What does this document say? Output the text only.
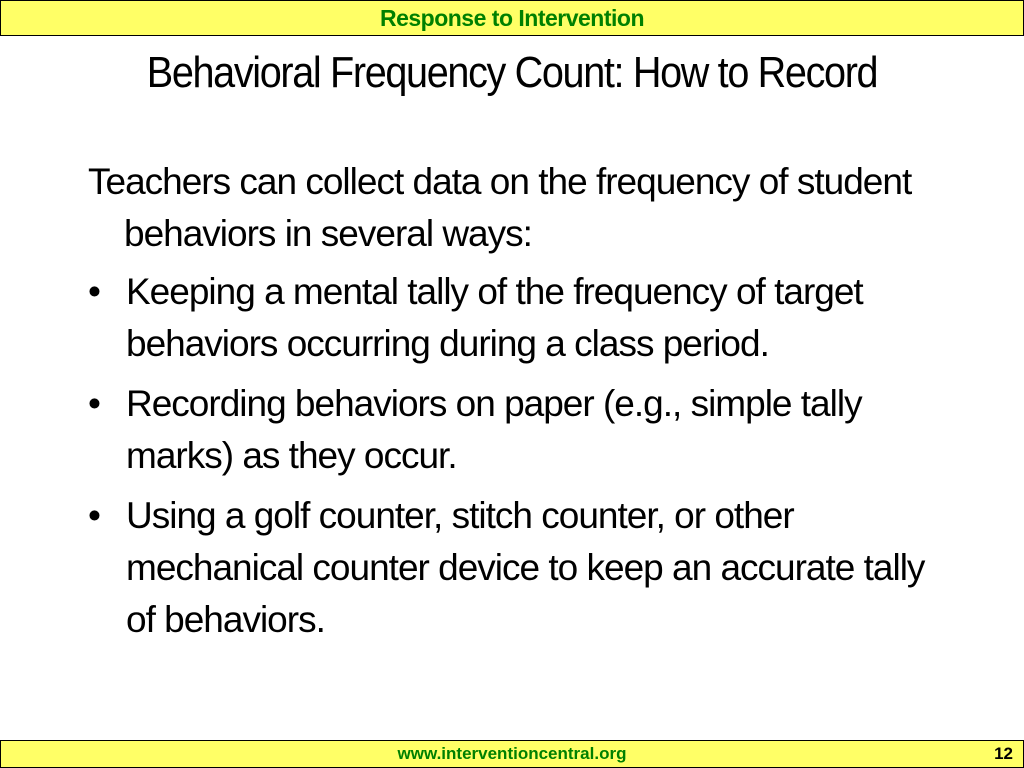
Response to Intervention
Behavioral Frequency Count: How to Record

Teachers can collect data on the frequency of student behaviors in several ways:

• Keeping a mental tally of the frequency of target behaviors occurring during a class period.
• Recording behaviors on paper (e.g., simple tally marks) as they occur.
• Using a golf counter, stitch counter, or other mechanical counter device to keep an accurate tally of behaviors.
www.interventioncentral.org	12
